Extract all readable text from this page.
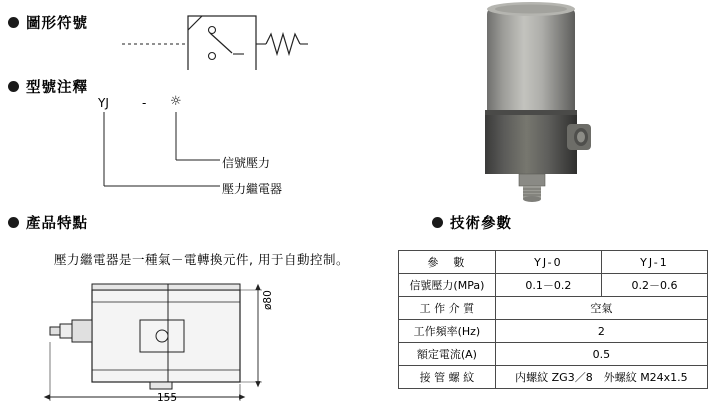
圖形符號
型號注釋
YJ	- ☼
信號壓力
壓力繼電器
產品特點
壓力繼電器是一種氣－電轉換元件, 用于自動控制。
155
ø80
技術參數
參　數	YJ-0	YJ-1
信號壓力(MPa)	0.1－0.2	0.2－0.6
工 作 介 質	空氣	
工作頻率(Hz)	2	
額定電流(A)	0.5	
接 管 螺 紋	内螺紋 ZG3／8　外螺紋 M24x1.5	
